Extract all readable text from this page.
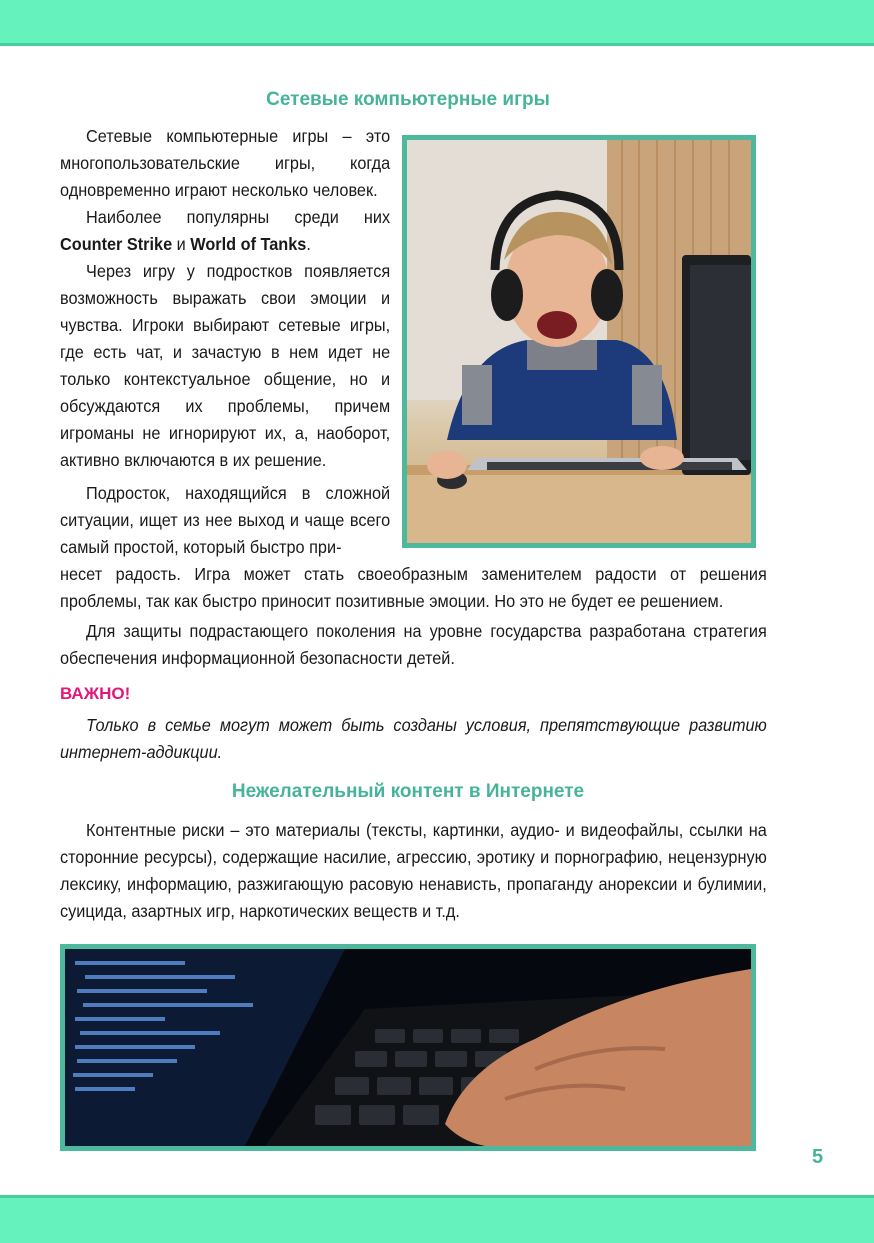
Сетевые компьютерные игры

Сетевые компьютерные игры – это многопользовательские игры, когда одновременно играют несколько человек.

Наиболее популярны среди них Counter Strike и World of Tanks.

Через игру у подростков появляется возможность выражать свои эмоции и чувства. Игроки выбирают сетевые игры, где есть чат, и зачастую в нем идет не только контекстуальное общение, но и обсуждаются их проблемы, причем игроманы не игнорируют их, а, наоборот, активно включаются в их решение.

Подросток, находящийся в сложной ситуации, ищет из нее выход и чаще всего самый простой, который быстро при-
несет радость. Игра может стать своеобразным заменителем радости от решения проблемы, так как быстро приносит позитивные эмоции. Но это не будет ее решением.

Для защиты подрастающего поколения на уровне государства разработана стратегия обеспечения информационной безопасности детей.

ВАЖНО!

Только в семье могут может быть созданы условия, препятствующие развитию интернет-аддикции.

Нежелательный контент в Интернете

Контентные риски – это материалы (тексты, картинки, аудио- и видеофайлы, ссылки на сторонние ресурсы), содержащие насилие, агрессию, эротику и порнографию, нецензурную лексику, информацию, разжигающую расовую ненависть, пропаганду анорексии и булимии, суицида, азартных игр, наркотических веществ и т.д.

5
